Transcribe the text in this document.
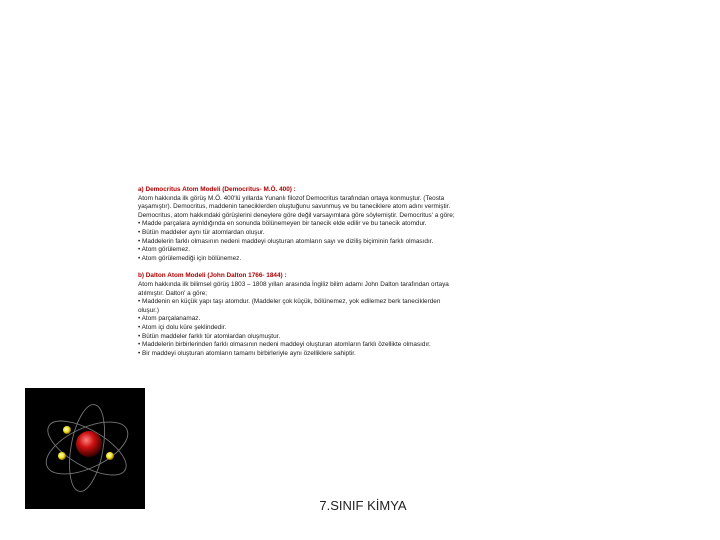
a) Democritus Atom Modeli (Democritus- M.Ö. 400) :

Atom hakkında ilk görüş M.Ö. 400'lü yıllarda Yunanlı filozof Democritus tarafından ortaya konmuştur. (Teosta

yaşamıştır). Democritus, maddenin taneciklerden oluştuğunu savunmuş ve bu taneciklere atom adını vermiştir.

Democritus, atom hakkındaki görüşlerini deneylere göre değil varsayımlara göre söylemiştir. Democritus' a göre;

• Madde parçalara ayrıldığında en sonunda bölünemeyen bir tanecik elde edilir ve bu tanecik atomdur.

• Bütün maddeler aynı tür atomlardan oluşur.

• Maddelerin farklı olmasının nedeni maddeyi oluşturan atomların sayı ve diziliş biçiminin farklı olmasıdır.

• Atom görülemez.

• Atom görülemediği için bölünemez.

b) Dalton Atom Modeli (John Dalton 1766- 1844) :

Atom hakkında ilk bilimsel görüş 1803 – 1808 yılları arasında İngiliz bilim adamı John Dalton tarafından ortaya

atılmıştır. Dalton' a göre;

• Maddenin en küçük yapı taşı atomdur. (Maddeler çok küçük, bölünemez, yok edilemez berk taneciklerden

oluşur.)

• Atom parçalanamaz.

• Atom içi dolu küre şeklindedir.

• Bütün maddeler farklı tür atomlardan oluşmuştur.

• Maddelerin birbirlerinden farklı olmasının nedeni maddeyi oluşturan atomların farklı özellikte olmasıdır.

• Bir maddeyi oluşturan atomların tamamı birbirleriyle aynı özelliklere sahiptir.

7.SINIF KİMYA
